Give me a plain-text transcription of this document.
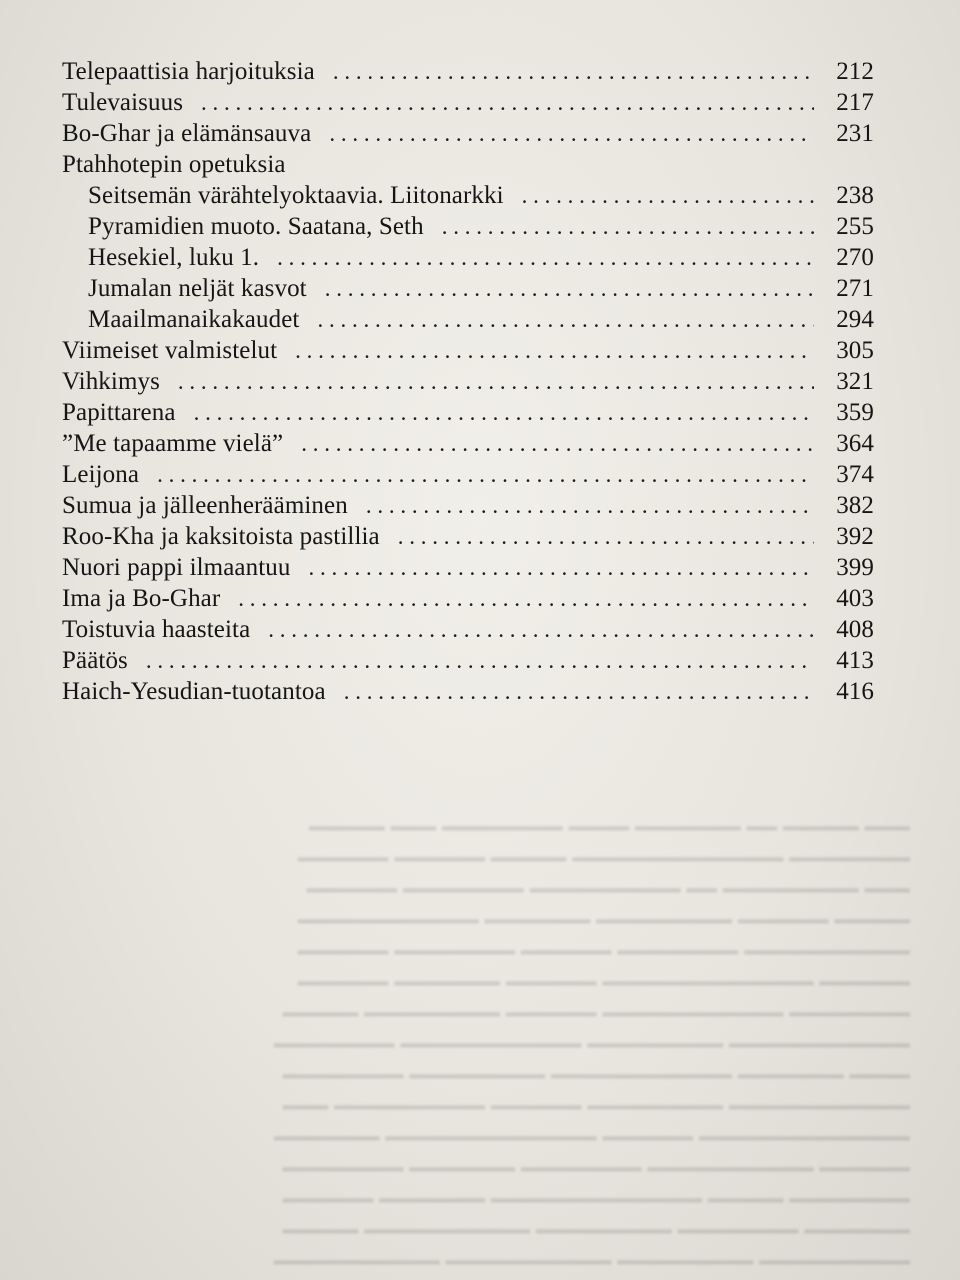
━━━ ━━━━━ ━━ ━━━━━━━ ━━━━ ━━━━━━━━ ━━━ ━━━━━
━━━━━━━━ ━━━━━━━━━━━━━━ ━━━━━ ━━━━━━ ━━━━━━
━━━ ━━━━━━━━━ ━━ ━━━━━━━━━━ ━━━━━━━━ ━━━━━━
━━━━━ ━━━━━━ ━━━━━━━━━ ━━━━━━━ ━━━━━━━━━━━━
━━━━━━━━━━━ ━━━━━━━━ ━━━━━━ ━━━━━━━━ ━━━━━━
━━━━━━ ━━━━━━━━━━━━━━ ━━━━━━ ━━━━━━━ ━━━━━━
━━━━━━━━ ━━━━━━━━━━━━ ━━━━━━ ━━━━━━━━━ ━━━━━
━━━━━━━━━━━━ ━━━━━━━━━ ━━━━━━━━━━━━ ━━━━━━━━
━━━━ ━━━━━━━ ━━━━━━━━━━━━ ━━━━━━━━━ ━━━━━━━━
━━━━━━━━━━━━ ━━━━━━━━━ ━━━━━━ ━━━━━━━━━━ ━━━
━━━━━━━━━━━━━━ ━━━━━━ ━━━━━━━━━━━━━━ ━━━━━━━
━━━━━━ ━━━━━━━━━━━ ━━━━━━━━ ━━━━━━━ ━━━━━━━━
━━━━━━━━ ━━━━━ ━━━━━━━━━━━━━━ ━━━━━━━ ━━━━━━
━━━━━━━ ━━━━━━━━ ━━━━━━━━━ ━━━━━━━━━━━ ━━━━━
━━━━━━━━━━ ━━━━━━━━━ ━━━━━━━━━━━ ━━━━━━━━━━━
Telepaattisia harjoituksia . . .	212
Tulevaisuus . . .	217
Bo-Ghar ja elämänsauva . . .	231
Ptahhotepin opetuksia
Seitsemän värähtelyoktaavia. Liitonarkki . . .	238
Pyramidien muoto. Saatana, Seth . . .	255
Hesekiel, luku 1. . . .	270
Jumalan neljät kasvot . . .	271
Maailmanaikakaudet . . .	294
Viimeiset valmistelut . . .	305
Vihkimys . . .	321
Papittarena . . .	359
”Me tapaamme vielä” . . .	364
Leijona . . .	374
Sumua ja jälleenherääminen . . .	382
Roo-Kha ja kaksitoista pastillia . . .	392
Nuori pappi ilmaantuu . . .	399
Ima ja Bo-Ghar . . .	403
Toistuvia haasteita . . .	408
Päätös . . .	413
Haich-Yesudian-tuotantoa . . .	416
